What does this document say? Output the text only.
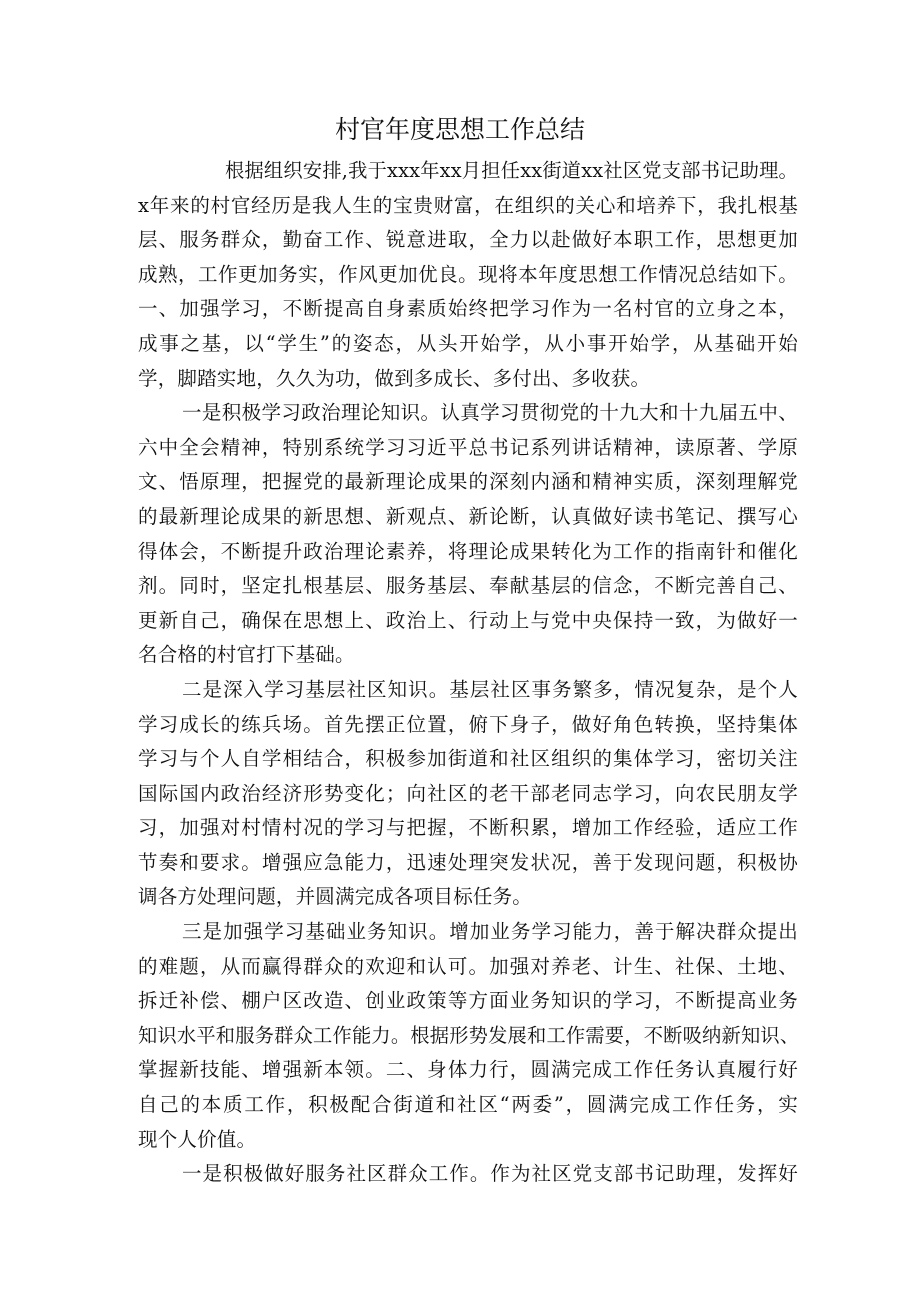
村官年度思想工作总结
根据组织安排,我于xxx年xx月担任xx街道xx社区党支部书记助理。
x年来的村官经历是我人生的宝贵财富，在组织的关心和培养下，我扎根基
层、服务群众，勤奋工作、锐意进取，全力以赴做好本职工作，思想更加
成熟，工作更加务实，作风更加优良。现将本年度思想工作情况总结如下。
一、加强学习，不断提高自身素质始终把学习作为一名村官的立身之本，
成事之基，以“学生”的姿态，从头开始学，从小事开始学，从基础开始
学，脚踏实地，久久为功，做到多成长、多付出、多收获。
一是积极学习政治理论知识。认真学习贯彻党的十九大和十九届五中、
六中全会精神，特别系统学习习近平总书记系列讲话精神，读原著、学原
文、悟原理，把握党的最新理论成果的深刻内涵和精神实质，深刻理解党
的最新理论成果的新思想、新观点、新论断，认真做好读书笔记、撰写心
得体会，不断提升政治理论素养，将理论成果转化为工作的指南针和催化
剂。同时，坚定扎根基层、服务基层、奉献基层的信念，不断完善自己、
更新自己，确保在思想上、政治上、行动上与党中央保持一致，为做好一
名合格的村官打下基础。
二是深入学习基层社区知识。基层社区事务繁多，情况复杂，是个人
学习成长的练兵场。首先摆正位置，俯下身子，做好角色转换，坚持集体
学习与个人自学相结合，积极参加街道和社区组织的集体学习，密切关注
国际国内政治经济形势变化；向社区的老干部老同志学习，向农民朋友学
习，加强对村情村况的学习与把握，不断积累，增加工作经验，适应工作
节奏和要求。增强应急能力，迅速处理突发状况，善于发现问题，积极协
调各方处理问题，并圆满完成各项目标任务。
三是加强学习基础业务知识。增加业务学习能力，善于解决群众提出
的难题，从而赢得群众的欢迎和认可。加强对养老、计生、社保、土地、
拆迁补偿、棚户区改造、创业政策等方面业务知识的学习，不断提高业务
知识水平和服务群众工作能力。根据形势发展和工作需要，不断吸纳新知识、
掌握新技能、增强新本领。二、身体力行，圆满完成工作任务认真履行好
自己的本质工作，积极配合街道和社区“两委”，圆满完成工作任务，实
现个人价值。
一是积极做好服务社区群众工作。作为社区党支部书记助理，发挥好
